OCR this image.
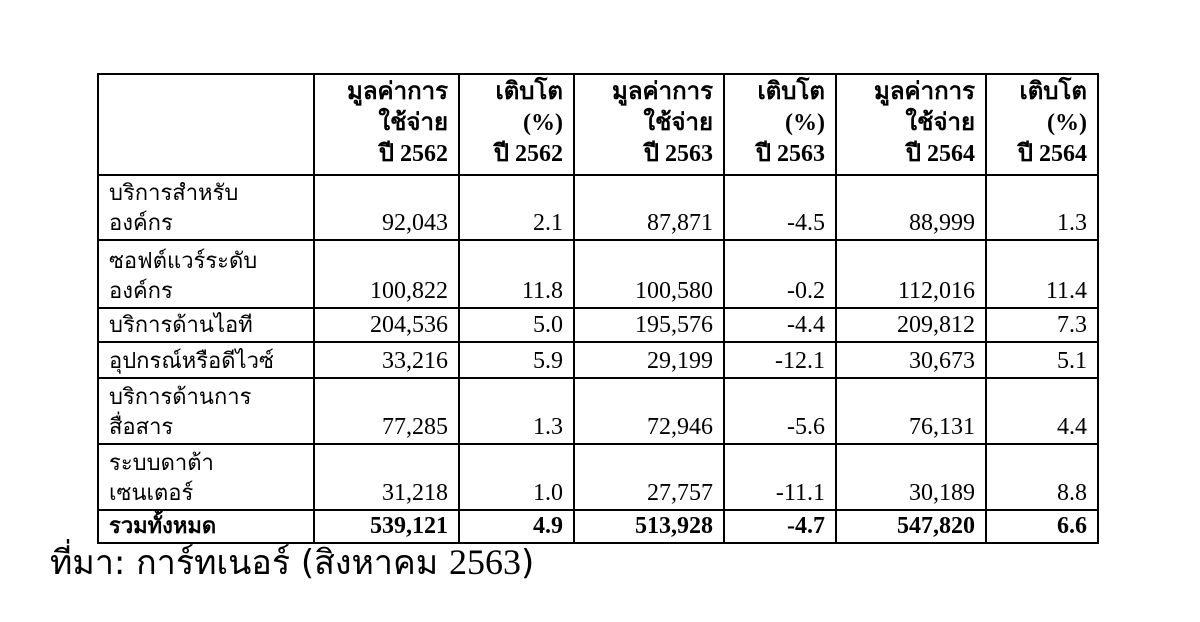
	มูลค่าการ
ใช้จ่าย
ปี 2562	เติบโต
(%)
ปี 2562	มูลค่าการ
ใช้จ่าย
ปี 2563	เติบโต
(%)
ปี 2563	มูลค่าการ
ใช้จ่าย
ปี 2564	เติบโต
(%)
ปี 2564

บริการสำหรับ
องค์กร	92,043	2.1	87,871	-4.5	88,999	1.3

ซอฟต์แวร์ระดับ
องค์กร	100,822	11.8	100,580	-0.2	112,016	11.4

บริการด้านไอที	204,536	5.0	195,576	-4.4	209,812	7.3

อุปกรณ์หรือดีไวซ์	33,216	5.9	29,199	-12.1	30,673	5.1

บริการด้านการ
สื่อสาร	77,285	1.3	72,946	-5.6	76,131	4.4

ระบบดาต้า
เซนเตอร์	31,218	1.0	27,757	-11.1	30,189	8.8
รวมทั้งหมด	539,121	4.9	513,928	-4.7	547,820	6.6
ที่มา: การ์ทเนอร์ (สิงหาคม 2563)
